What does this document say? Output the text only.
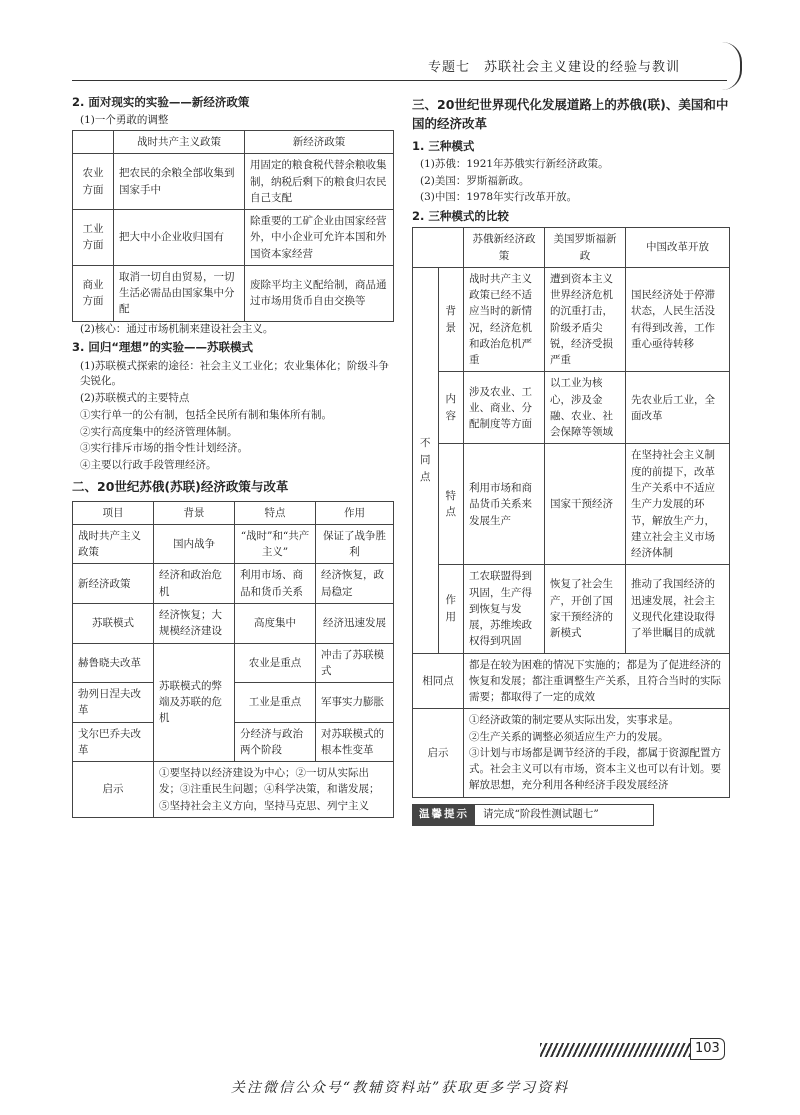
专题七　苏联社会主义建设的经验与教训
2. 面对现实的实验——新经济政策

(1)一个勇敢的调整

	战时共产主义政策	新经济政策
农业方面	把农民的余粮全部收集到国家手中	用固定的粮食税代替余粮收集制，纳税后剩下的粮食归农民自己支配
工业方面	把大中小企业收归国有	除重要的工矿企业由国家经营外，中小企业可允许本国和外国资本家经营
商业方面	取消一切自由贸易，一切生活必需品由国家集中分配	废除平均主义配给制，商品通过市场用货币自由交换等

(2)核心：通过市场机制来建设社会主义。

3. 回归“理想”的实验——苏联模式

(1)苏联模式探索的途径：社会主义工业化；农业集体化；阶级斗争尖锐化。

(2)苏联模式的主要特点

①实行单一的公有制，包括全民所有制和集体所有制。

②实行高度集中的经济管理体制。

③实行排斥市场的指令性计划经济。

④主要以行政手段管理经济。

二、20世纪苏俄(苏联)经济政策与改革
项目	背景	特点	作用
战时共产主义政策	国内战争	“战时”和“共产主义”	保证了战争胜利
新经济政策	经济和政治危机	利用市场、商品和货币关系	经济恢复，政局稳定
苏联模式	经济恢复；大规模经济建设	高度集中	经济迅速发展
赫鲁晓夫改革	苏联模式的弊端及苏联的危机	农业是重点	冲击了苏联模式
勃列日涅夫改革		工业是重点	军事实力膨胀
戈尔巴乔夫改革		分经济与政治两个阶段	对苏联模式的根本性变革
启示	①要坚持以经济建设为中心；②一切从实际出发；③注重民生问题；④科学决策，和谐发展；⑤坚持社会主义方向，坚持马克思、列宁主义		
三、20世纪世界现代化发展道路上的苏俄(联)、美国和中国的经济改革
1. 三种模式

(1)苏俄：1921年苏俄实行新经济政策。

(2)美国：罗斯福新政。

(3)中国：1978年实行改革开放。

2. 三种模式的比较
		苏俄新经济政策	美国罗斯福新政	中国改革开放
不同点	背景	战时共产主义政策已经不适应当时的新情况，经济危机和政治危机严重	遭到资本主义世界经济危机的沉重打击，阶级矛盾尖锐，经济受损严重	国民经济处于停滞状态，人民生活没有得到改善，工作重心亟待转移
	内容	涉及农业、工业、商业、分配制度等方面	以工业为核心，涉及金融、农业、社会保障等领域	先农业后工业，全面改革
	特点	利用市场和商品货币关系来发展生产	国家干预经济	在坚持社会主义制度的前提下，改革生产关系中不适应生产力发展的环节，解放生产力，建立社会主义市场经济体制
	作用	工农联盟得到巩固，生产得到恢复与发展，苏维埃政权得到巩固	恢复了社会生产，开创了国家干预经济的新模式	推动了我国经济的迅速发展，社会主义现代化建设取得了举世瞩目的成就
相同点		都是在较为困难的情况下实施的；都是为了促进经济的恢复和发展；都注重调整生产关系，且符合当时的实际需要；都取得了一定的成效		
启示		①经济政策的制定要从实际出发，实事求是。
②生产关系的调整必须适应生产力的发展。
③计划与市场都是调节经济的手段，都属于资源配置方式。社会主义可以有市场，资本主义也可以有计划。要解放思想，充分利用各种经济手段发展经济		
温馨提示	请完成“阶段性测试题七”
103
关注微信公众号“教辅资料站”获取更多学习资料
